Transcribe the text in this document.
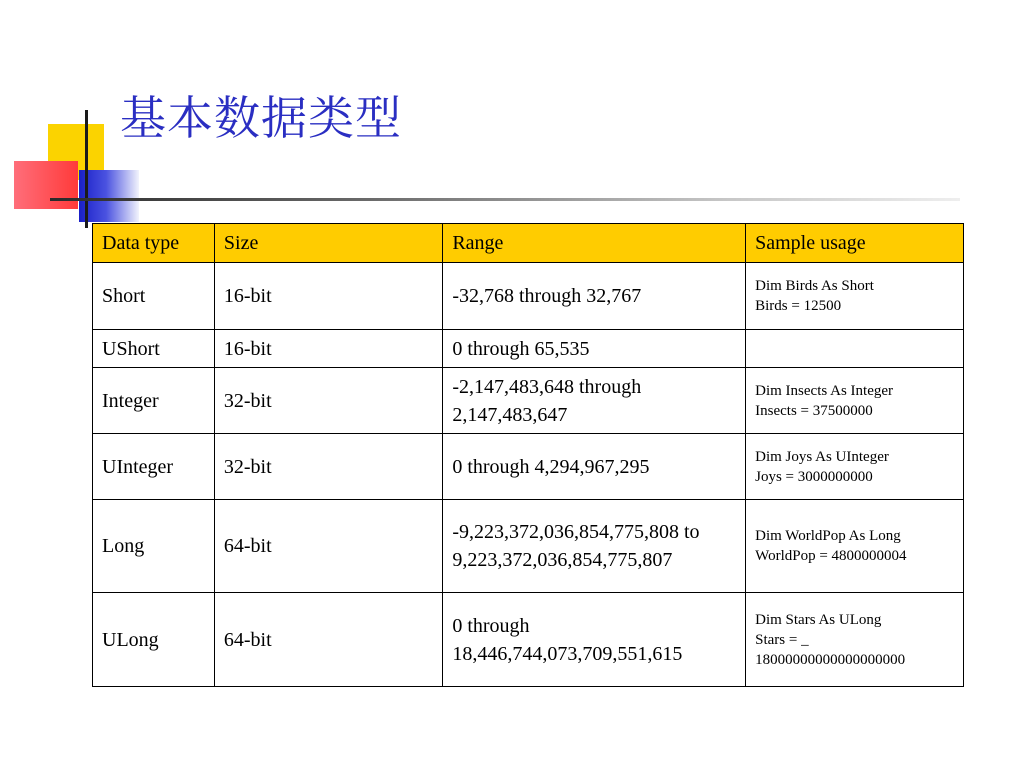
基本数据类型
Data type	Size	Range	Sample usage
Short	16-bit	-32,768 through 32,767	Dim Birds As Short
Birds = 12500

UShort	16-bit	0 through 65,535	
Integer	32-bit	-2,147,483,648 through 2,147,483,647	Dim Insects As Integer
Insects = 37500000

UInteger	32-bit	0 through 4,294,967,295	Dim Joys As UInteger
Joys = 3000000000

Long	64-bit	-9,223,372,036,854,775,808 to 9,223,372,036,854,775,807	Dim WorldPop As Long
WorldPop = 4800000004

ULong	64-bit	0 through 18,446,744,073,709,551,615	Dim Stars As ULong
Stars = _
18000000000000000000
